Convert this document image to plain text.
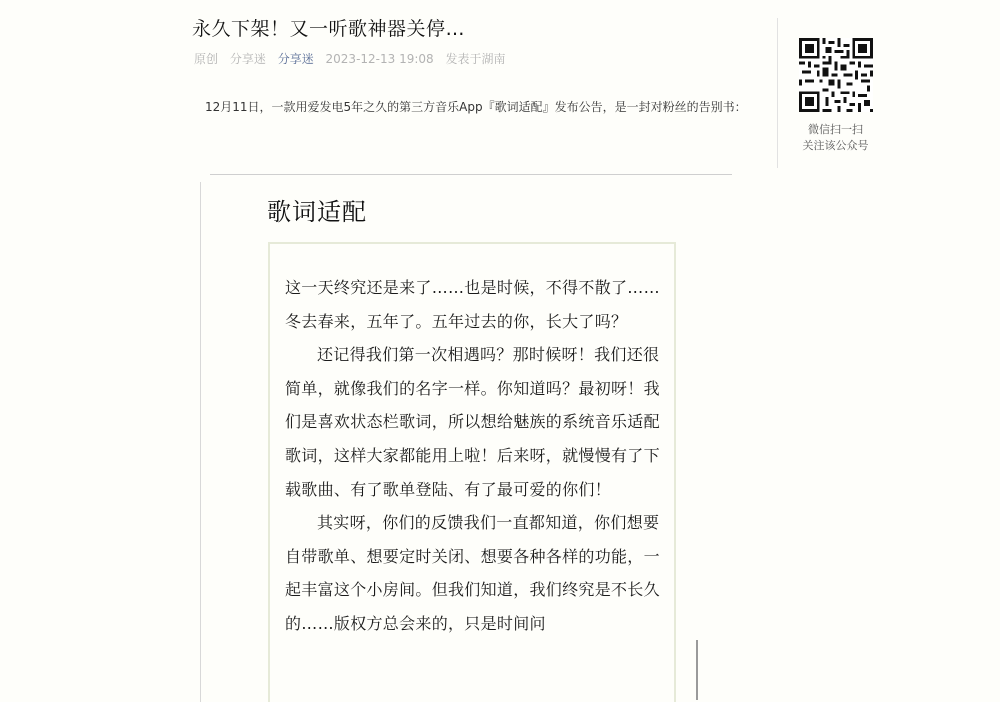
永久下架！又一听歌神器关停…
原创 分享迷 分享迷 2023-12-13 19:08 发表于湖南
12月11日，一款用爱发电5年之久的第三方音乐App『歌词适配』发布公告，是一封对粉丝的告别书：
微信扫一扫
关注该公众号
歌词适配

这一天终究还是来了……也是时候，不得不散了……冬去春来，五年了。五年过去的你，长大了吗？

还记得我们第一次相遇吗？那时候呀！我们还很简单，就像我们的名字一样。你知道吗？最初呀！我们是喜欢状态栏歌词，所以想给魅族的系统音乐适配歌词，这样大家都能用上啦！后来呀，就慢慢有了下载歌曲、有了歌单登陆、有了最可爱的你们！

其实呀，你们的反馈我们一直都知道，你们想要自带歌单、想要定时关闭、想要各种各样的功能，一起丰富这个小房间。但我们知道，我们终究是不长久的……版权方总会来的，只是时间问
